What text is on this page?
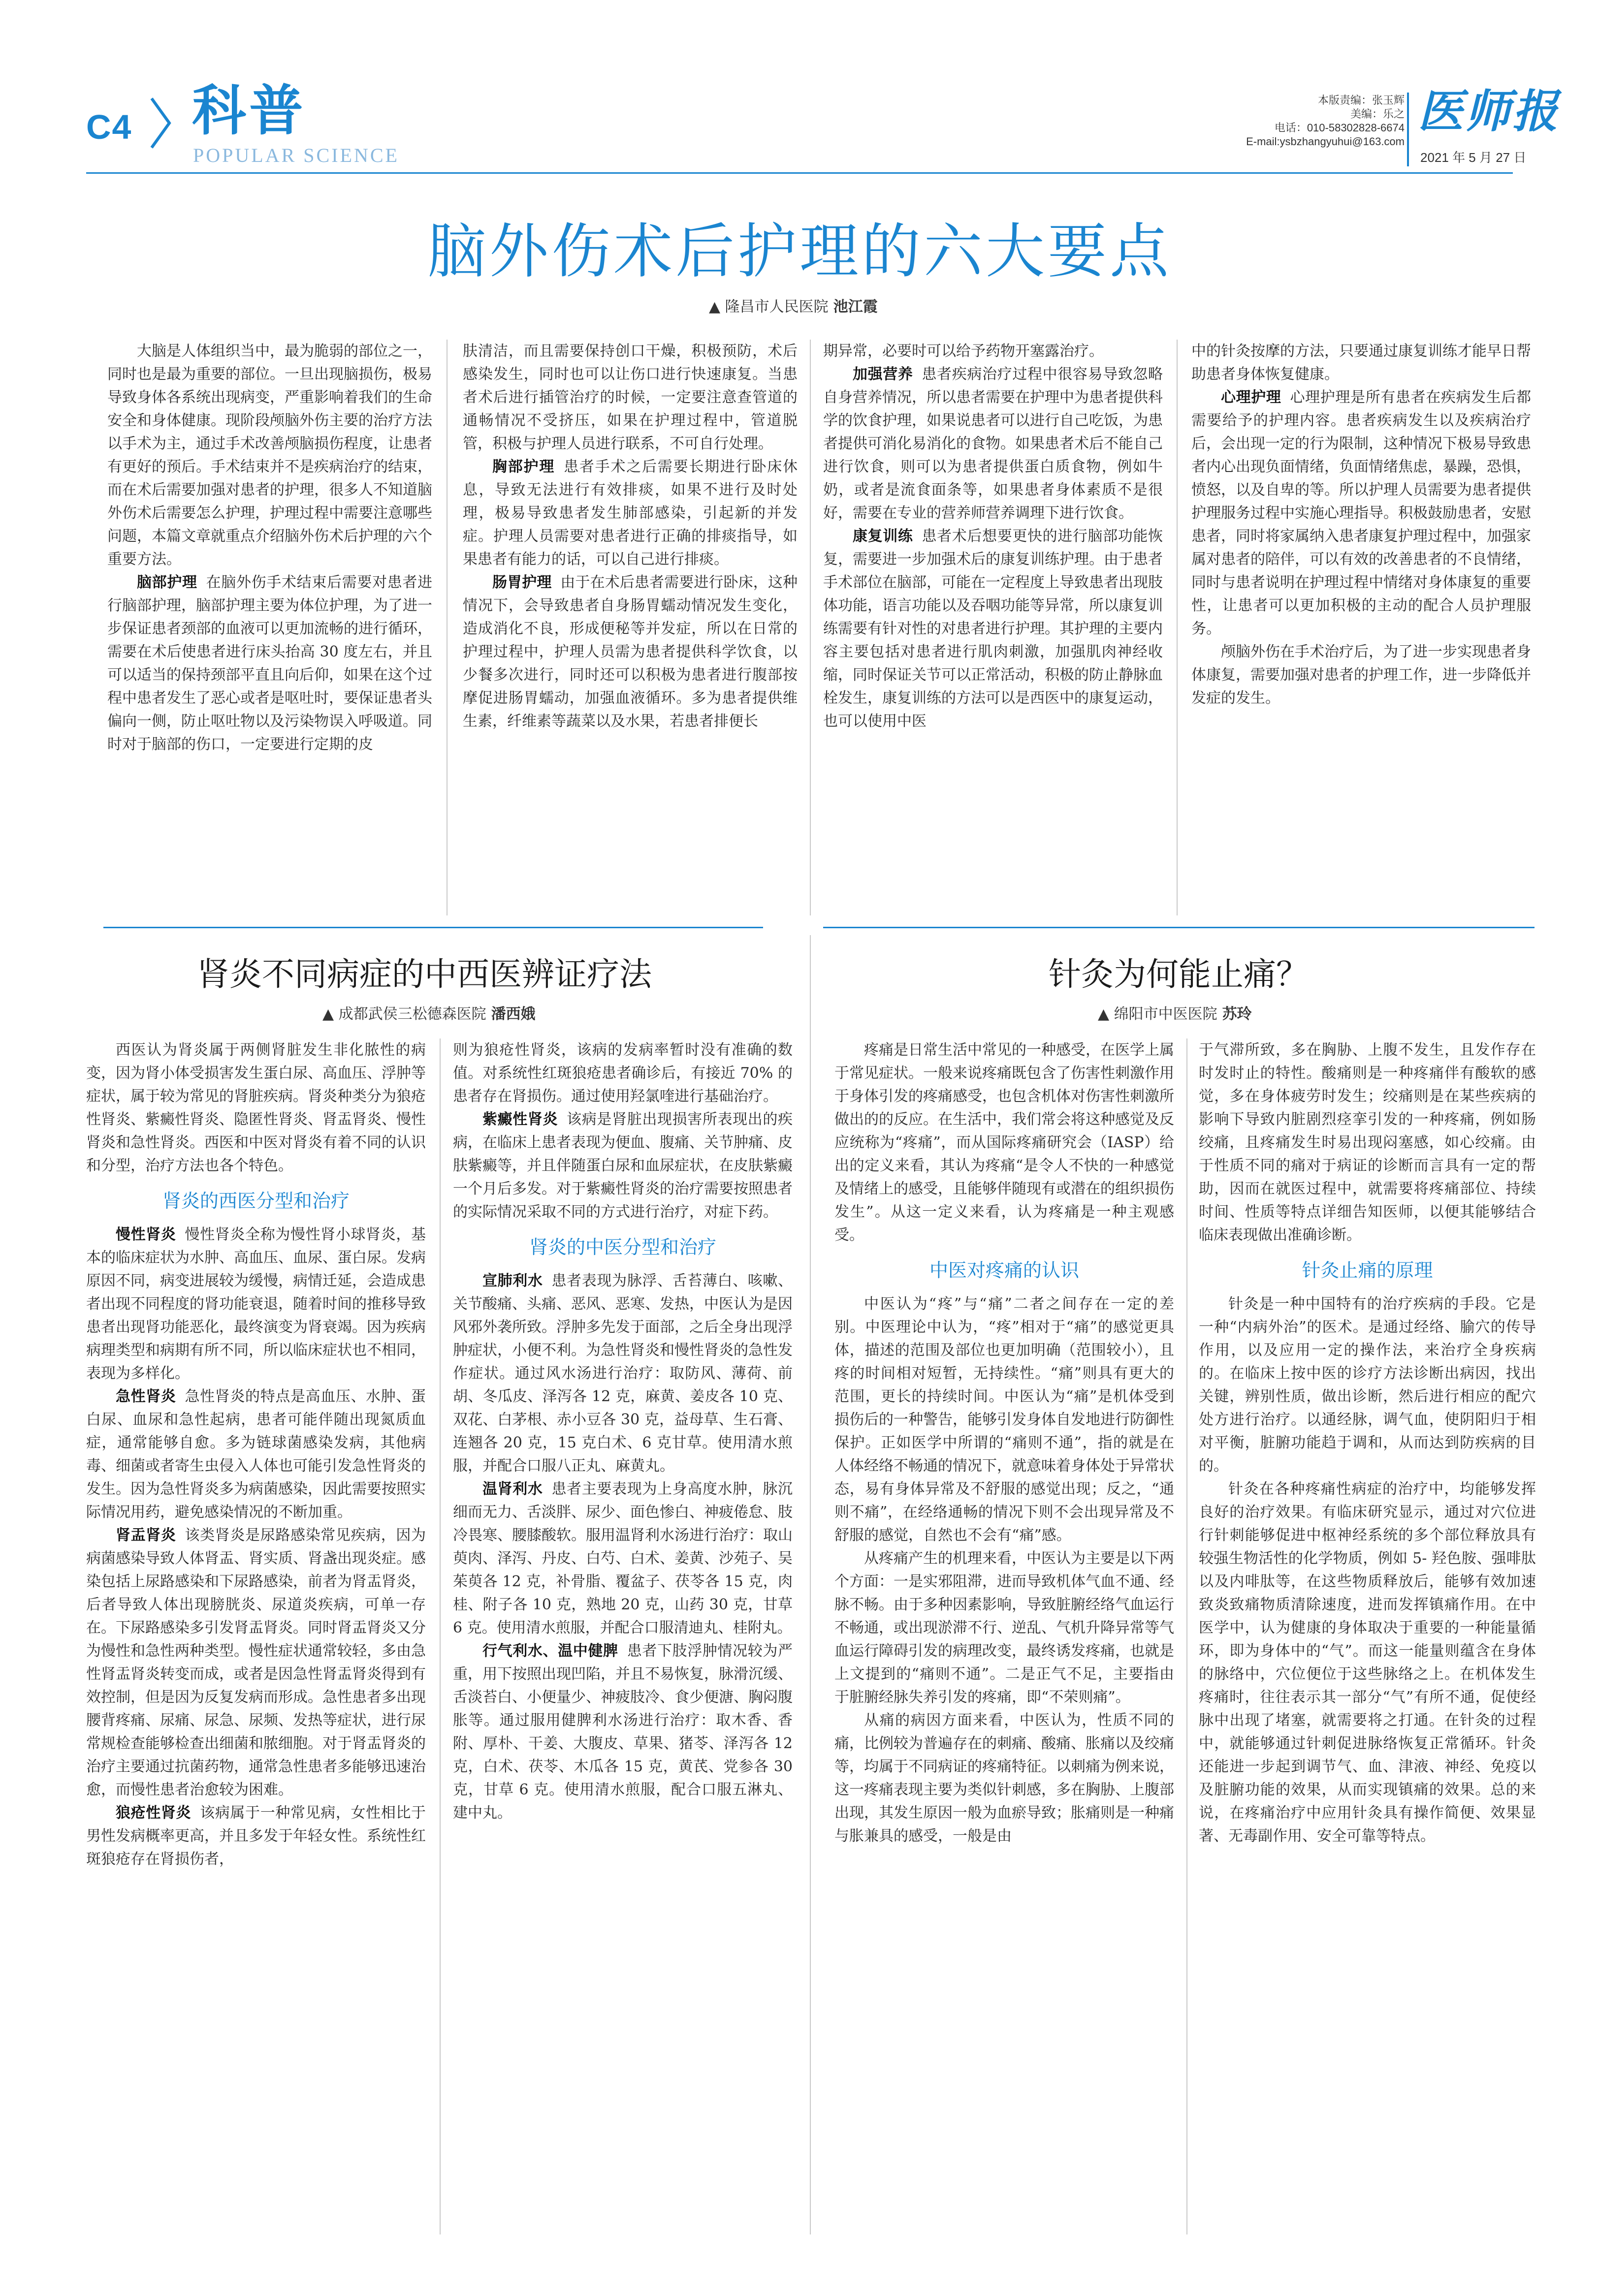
C4 科普
POPULAR SCIENCE
本版责编：张玉辉
美编：乐之
电话：010-58302828-6674
E-mail:ysbzhangyuhui@163.com
医师报
2021 年 5 月 27 日
脑外伤术后护理的六大要点
▲ 隆昌市人民医院 池江霞

大脑是人体组织当中，最为脆弱的部位之一，同时也是最为重要的部位。一旦出现脑损伤，极易导致身体各系统出现病变，严重影响着我们的生命安全和身体健康。现阶段颅脑外伤主要的治疗方法以手术为主，通过手术改善颅脑损伤程度，让患者有更好的预后。手术结束并不是疾病治疗的结束，而在术后需要加强对患者的护理，很多人不知道脑外伤术后需要怎么护理，护理过程中需要注意哪些问题，本篇文章就重点介绍脑外伤术后护理的六个重要方法。

脑部护理 在脑外伤手术结束后需要对患者进行脑部护理，脑部护理主要为体位护理，为了进一步保证患者颈部的血液可以更加流畅的进行循环，需要在术后使患者进行床头抬高 30 度左右，并且可以适当的保持颈部平直且向后仰，如果在这个过程中患者发生了恶心或者是呕吐时，要保证患者头偏向一侧，防止呕吐物以及污染物误入呼吸道。同时对于脑部的伤口，一定要进行定期的皮

肤清洁，而且需要保持创口干燥，积极预防，术后感染发生，同时也可以让伤口进行快速康复。当患者术后进行插管治疗的时候，一定要注意查管道的通畅情况不受挤压，如果在护理过程中，管道脱管，积极与护理人员进行联系，不可自行处理。

胸部护理 患者手术之后需要长期进行卧床休息，导致无法进行有效排痰，如果不进行及时处理，极易导致患者发生肺部感染，引起新的并发症。护理人员需要对患者进行正确的排痰指导，如果患者有能力的话，可以自己进行排痰。

肠胃护理 由于在术后患者需要进行卧床，这种情况下，会导致患者自身肠胃蠕动情况发生变化，造成消化不良，形成便秘等并发症，所以在日常的护理过程中，护理人员需为患者提供科学饮食，以少餐多次进行，同时还可以积极为患者进行腹部按摩促进肠胃蠕动，加强血液循环。多为患者提供维生素，纤维素等蔬菜以及水果，若患者排便长

期异常，必要时可以给予药物开塞露治疗。

加强营养 患者疾病治疗过程中很容易导致忽略自身营养情况，所以患者需要在护理中为患者提供科学的饮食护理，如果说患者可以进行自己吃饭，为患者提供可消化易消化的食物。如果患者术后不能自己进行饮食，则可以为患者提供蛋白质食物，例如牛奶，或者是流食面条等，如果患者身体素质不是很好，需要在专业的营养师营养调理下进行饮食。

康复训练 患者术后想要更快的进行脑部功能恢复，需要进一步加强术后的康复训练护理。由于患者手术部位在脑部，可能在一定程度上导致患者出现肢体功能，语言功能以及吞咽功能等异常，所以康复训练需要有针对性的对患者进行护理。其护理的主要内容主要包括对患者进行肌肉刺激，加强肌肉神经收缩，同时保证关节可以正常活动，积极的防止静脉血栓发生，康复训练的方法可以是西医中的康复运动，也可以使用中医

中的针灸按摩的方法，只要通过康复训练才能早日帮助患者身体恢复健康。

心理护理 心理护理是所有患者在疾病发生后都需要给予的护理内容。患者疾病发生以及疾病治疗后，会出现一定的行为限制，这种情况下极易导致患者内心出现负面情绪，负面情绪焦虑，暴躁，恐惧，愤怒，以及自卑的等。所以护理人员需要为患者提供护理服务过程中实施心理指导。积极鼓励患者，安慰患者，同时将家属纳入患者康复护理过程中，加强家属对患者的陪伴，可以有效的改善患者的不良情绪，同时与患者说明在护理过程中情绪对身体康复的重要性，让患者可以更加积极的主动的配合人员护理服务。

颅脑外伤在手术治疗后，为了进一步实现患者身体康复，需要加强对患者的护理工作，进一步降低并发症的发生。

肾炎不同病症的中西医辨证疗法
▲ 成都武侯三松德森医院 潘西娥

西医认为肾炎属于两侧肾脏发生非化脓性的病变，因为肾小体受损害发生蛋白尿、高血压、浮肿等症状，属于较为常见的肾脏疾病。肾炎种类分为狼疮性肾炎、紫癜性肾炎、隐匿性肾炎、肾盂肾炎、慢性肾炎和急性肾炎。西医和中医对肾炎有着不同的认识和分型，治疗方法也各个特色。

肾炎的西医分型和治疗

慢性肾炎 慢性肾炎全称为慢性肾小球肾炎，基本的临床症状为水肿、高血压、血尿、蛋白尿。发病原因不同，病变进展较为缓慢，病情迁延，会造成患者出现不同程度的肾功能衰退，随着时间的推移导致患者出现肾功能恶化，最终演变为肾衰竭。因为疾病病理类型和病期有所不同，所以临床症状也不相同，表现为多样化。

急性肾炎 急性肾炎的特点是高血压、水肿、蛋白尿、血尿和急性起病，患者可能伴随出现氮质血症，通常能够自愈。多为链球菌感染发病，其他病毒、细菌或者寄生虫侵入人体也可能引发急性肾炎的发生。因为急性肾炎多为病菌感染，因此需要按照实际情况用药，避免感染情况的不断加重。

肾盂肾炎 该类肾炎是尿路感染常见疾病，因为病菌感染导致人体肾盂、肾实质、肾盏出现炎症。感染包括上尿路感染和下尿路感染，前者为肾盂肾炎，后者导致人体出现膀胱炎、尿道炎疾病，可单一存在。下尿路感染多引发肾盂肾炎。同时肾盂肾炎又分为慢性和急性两种类型。慢性症状通常较轻，多由急性肾盂肾炎转变而成，或者是因急性肾盂肾炎得到有效控制，但是因为反复发病而形成。急性患者多出现腰背疼痛、尿痛、尿急、尿频、发热等症状，进行尿常规检查能够检查出细菌和脓细胞。对于肾盂肾炎的治疗主要通过抗菌药物，通常急性患者多能够迅速治愈，而慢性患者治愈较为困难。

狼疮性肾炎 该病属于一种常见病，女性相比于男性发病概率更高，并且多发于年轻女性。系统性红斑狼疮存在肾损伤者，

则为狼疮性肾炎，该病的发病率暂时没有准确的数值。对系统性红斑狼疮患者确诊后，有接近 70% 的患者存在肾损伤。通过使用羟氯喹进行基础治疗。

紫癜性肾炎 该病是肾脏出现损害所表现出的疾病，在临床上患者表现为便血、腹痛、关节肿痛、皮肤紫癜等，并且伴随蛋白尿和血尿症状，在皮肤紫癜一个月后多发。对于紫癜性肾炎的治疗需要按照患者的实际情况采取不同的方式进行治疗，对症下药。

肾炎的中医分型和治疗

宣肺利水 患者表现为脉浮、舌苔薄白、咳嗽、关节酸痛、头痛、恶风、恶寒、发热，中医认为是因风邪外袭所致。浮肿多先发于面部，之后全身出现浮肿症状，小便不利。为急性肾炎和慢性肾炎的急性发作症状。通过风水汤进行治疗：取防风、薄荷、前胡、冬瓜皮、泽泻各 12 克，麻黄、姜皮各 10 克、双花、白茅根、赤小豆各 30 克，益母草、生石膏、连翘各 20 克，15 克白术、6 克甘草。使用清水煎服，并配合口服八正丸、麻黄丸。

温肾利水 患者主要表现为上身高度水肿，脉沉细而无力、舌淡胖、尿少、面色惨白、神疲倦怠、肢冷畏寒、腰膝酸软。服用温肾利水汤进行治疗：取山萸肉、泽泻、丹皮、白芍、白术、姜黄、沙苑子、吴茱萸各 12 克，补骨脂、覆盆子、茯苓各 15 克，肉桂、附子各 10 克，熟地 20 克，山药 30 克，甘草 6 克。使用清水煎服，并配合口服清迪丸、桂附丸。

行气利水、温中健脾 患者下肢浮肿情况较为严重，用下按照出现凹陷，并且不易恢复，脉滑沉缓、舌淡苔白、小便量少、神疲肢冷、食少便溏、胸闷腹胀等。通过服用健脾利水汤进行治疗：取木香、香附、厚朴、干姜、大腹皮、草果、猪苓、泽泻各 12 克，白术、茯苓、木瓜各 15 克，黄芪、党参各 30 克，甘草 6 克。使用清水煎服，配合口服五淋丸、建中丸。

针灸为何能止痛？
▲ 绵阳市中医医院 苏玲

疼痛是日常生活中常见的一种感受，在医学上属于常见症状。一般来说疼痛既包含了伤害性刺激作用于身体引发的疼痛感受，也包含机体对伤害性刺激所做出的的反应。在生活中，我们常会将这种感觉及反应统称为“疼痛”，而从国际疼痛研究会（IASP）给出的定义来看，其认为疼痛“是令人不快的一种感觉及情绪上的感受，且能够伴随现有或潜在的组织损伤发生”。从这一定义来看，认为疼痛是一种主观感受。

中医对疼痛的认识

中医认为“疼”与“痛”二者之间存在一定的差别。中医理论中认为，“疼”相对于“痛”的感觉更具体，描述的范围及部位也更加明确（范围较小），且疼的时间相对短暂，无持续性。“痛”则具有更大的范围，更长的持续时间。中医认为“痛”是机体受到损伤后的一种警告，能够引发身体自发地进行防御性保护。正如医学中所谓的“痛则不通”，指的就是在人体经络不畅通的情况下，就意味着身体处于异常状态，易有身体异常及不舒服的感觉出现；反之，“通则不痛”，在经络通畅的情况下则不会出现异常及不舒服的感觉，自然也不会有“痛”感。

从疼痛产生的机理来看，中医认为主要是以下两个方面：一是实邪阻滞，进而导致机体气血不通、经脉不畅。由于多种因素影响，导致脏腑经络气血运行不畅通，或出现淤滞不行、逆乱、气机升降异常等气血运行障碍引发的病理改变，最终诱发疼痛，也就是上文提到的“痛则不通”。二是正气不足，主要指由于脏腑经脉失养引发的疼痛，即“不荣则痛”。

从痛的病因方面来看，中医认为，性质不同的痛，比例较为普遍存在的刺痛、酸痛、胀痛以及绞痛等，均属于不同病证的疼痛特征。以刺痛为例来说，这一疼痛表现主要为类似针刺感，多在胸胁、上腹部出现，其发生原因一般为血瘀导致；胀痛则是一种痛与胀兼具的感受，一般是由

于气滞所致，多在胸胁、上腹不发生，且发作存在时发时止的特性。酸痛则是一种疼痛伴有酸软的感觉，多在身体疲劳时发生；绞痛则是在某些疾病的影响下导致内脏剧烈痉挛引发的一种疼痛，例如肠绞痛，且疼痛发生时易出现闷塞感，如心绞痛。由于性质不同的痛对于病证的诊断而言具有一定的帮助，因而在就医过程中，就需要将疼痛部位、持续时间、性质等特点详细告知医师，以便其能够结合临床表现做出准确诊断。

针灸止痛的原理

针灸是一种中国特有的治疗疾病的手段。它是一种“内病外治”的医术。是通过经络、腧穴的传导作用，以及应用一定的操作法，来治疗全身疾病的。在临床上按中医的诊疗方法诊断出病因，找出关键，辨别性质，做出诊断，然后进行相应的配穴处方进行治疗。以通经脉，调气血，使阴阳归于相对平衡，脏腑功能趋于调和，从而达到防疾病的目的。

针灸在各种疼痛性病症的治疗中，均能够发挥良好的治疗效果。有临床研究显示，通过对穴位进行针刺能够促进中枢神经系统的多个部位释放具有较强生物活性的化学物质，例如 5- 羟色胺、强啡肽以及内啡肽等，在这些物质释放后，能够有效加速致炎致痛物质清除速度，进而发挥镇痛作用。在中医学中，认为健康的身体取决于重要的一种能量循环，即为身体中的“气”。而这一能量则蕴含在身体的脉络中，穴位便位于这些脉络之上。在机体发生疼痛时，往往表示其一部分“气”有所不通，促使经脉中出现了堵塞，就需要将之打通。在针灸的过程中，就能够通过针刺促进脉络恢复正常循环。针灸还能进一步起到调节气、血、津液、神经、免疫以及脏腑功能的效果，从而实现镇痛的效果。总的来说，在疼痛治疗中应用针灸具有操作简便、效果显著、无毒副作用、安全可靠等特点。
